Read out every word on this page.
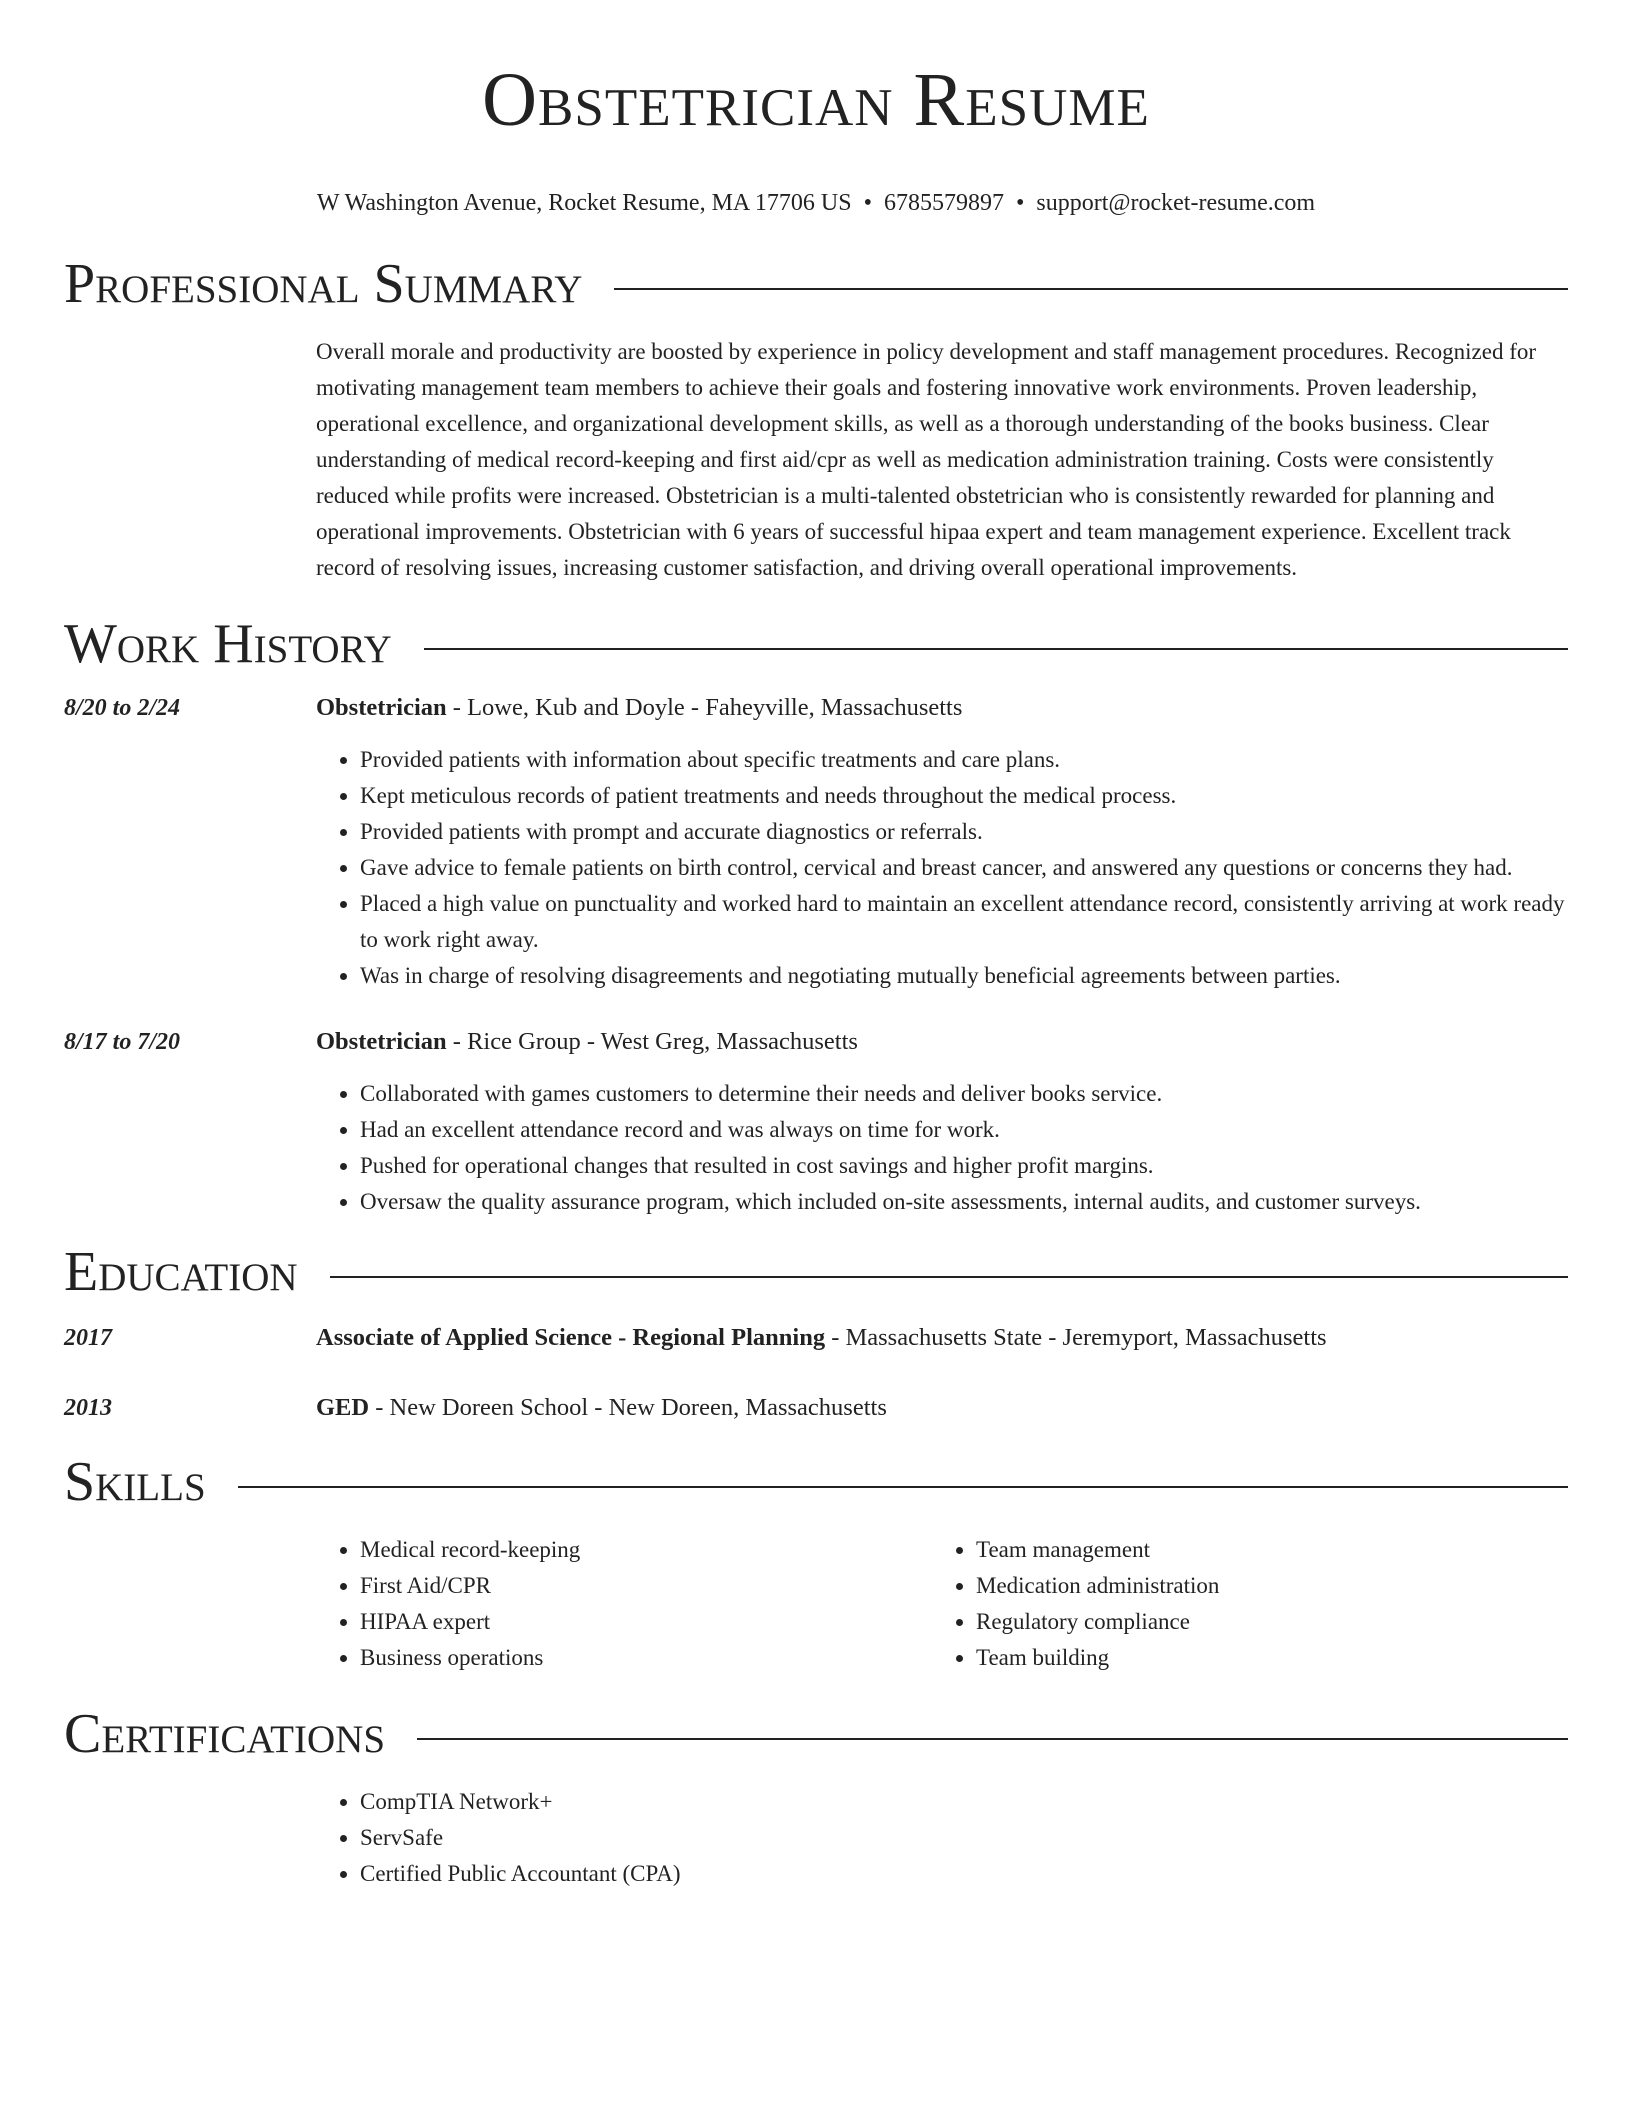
Obstetrician Resume
W Washington Avenue, Rocket Resume, MA 17706 US • 6785579897 • support@rocket-resume.com
Professional Summary
Overall morale and productivity are boosted by experience in policy development and staff management procedures. Recognized for motivating management team members to achieve their goals and fostering innovative work environments. Proven leadership, operational excellence, and organizational development skills, as well as a thorough understanding of the books business. Clear understanding of medical record-keeping and first aid/cpr as well as medication administration training. Costs were consistently reduced while profits were increased. Obstetrician is a multi-talented obstetrician who is consistently rewarded for planning and operational improvements. Obstetrician with 6 years of successful hipaa expert and team management experience. Excellent track record of resolving issues, increasing customer satisfaction, and driving overall operational improvements.
Work History
8/20 to 2/24	Obstetrician - Lowe, Kub and Doyle - Faheyville, Massachusetts
• Provided patients with information about specific treatments and care plans.
• Kept meticulous records of patient treatments and needs throughout the medical process.
• Provided patients with prompt and accurate diagnostics or referrals.
• Gave advice to female patients on birth control, cervical and breast cancer, and answered any questions or concerns they had.
• Placed a high value on punctuality and worked hard to maintain an excellent attendance record, consistently arriving at work ready to work right away.
• Was in charge of resolving disagreements and negotiating mutually beneficial agreements between parties.
8/17 to 7/20	Obstetrician - Rice Group - West Greg, Massachusetts
• Collaborated with games customers to determine their needs and deliver books service.
• Had an excellent attendance record and was always on time for work.
• Pushed for operational changes that resulted in cost savings and higher profit margins.
• Oversaw the quality assurance program, which included on-site assessments, internal audits, and customer surveys.
Education
2017	Associate of Applied Science - Regional Planning - Massachusetts State - Jeremyport, Massachusetts
2013	GED - New Doreen School - New Doreen, Massachusetts
Skills
• Medical record-keeping
• First Aid/CPR
• HIPAA expert
• Business operations
• Team management
• Medication administration
• Regulatory compliance
• Team building
Certifications
• CompTIA Network+
• ServSafe
• Certified Public Accountant (CPA)
